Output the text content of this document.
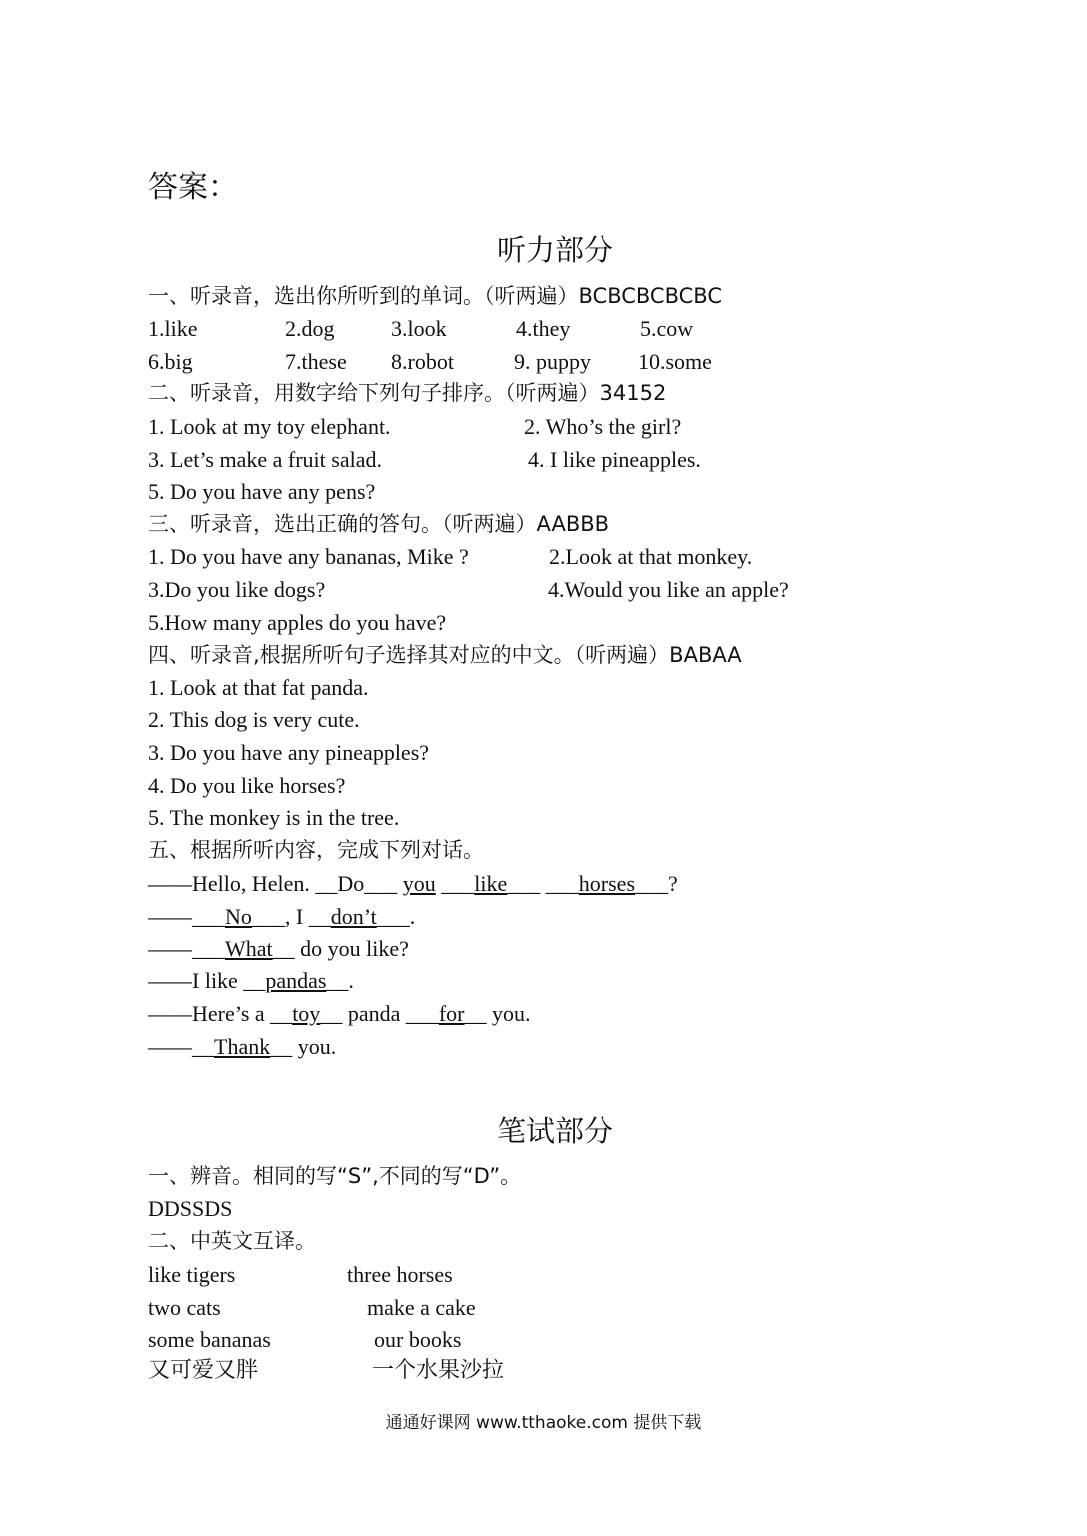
答案：
听力部分
一、听录音，选出你所听到的单词。（听两遍）BCBCBCBCBC
1.like	2.dog	3.look	4.they	5.cow
6.big	7.these 8.robot	9. puppy 10.some
二、听录音，用数字给下列句子排序。（听两遍）34152
1. Look at my toy elephant.	2. Who’s the girl?
3. Let’s make a fruit salad.	4. I like pineapples.
5. Do you have any pens?
三、听录音，选出正确的答句。（听两遍）AABBB
1. Do you have any bananas, Mike ?	2.Look at that monkey.
3.Do you like dogs?	4.Would you like an apple?
5.How many apples do you have?
四、听录音,根据所听句子选择其对应的中文。（听两遍）BABAA
1. Look at that fat panda.
2. This dog is very cute.
3. Do you have any pineapples?
4. Do you like horses?
5. The monkey is in the tree.
五、根据所听内容，完成下列对话。
——Hello, Helen. __Do___ you ___like___ ___horses___?
——___No___, I __don’t___.
——___What__ do you like?
——I like __pandas__.
——Here’s a __toy__ panda ___for__ you.
——__Thank__ you.
笔试部分
一、辨音。相同的写“S”,不同的写“D”。
DDSSDS
二、中英文互译。
like tigers	three horses
two cats	make a cake
some bananas	our books
又可爱又胖	一个水果沙拉
通通好课网 www.tthaoke.com 提供下载
